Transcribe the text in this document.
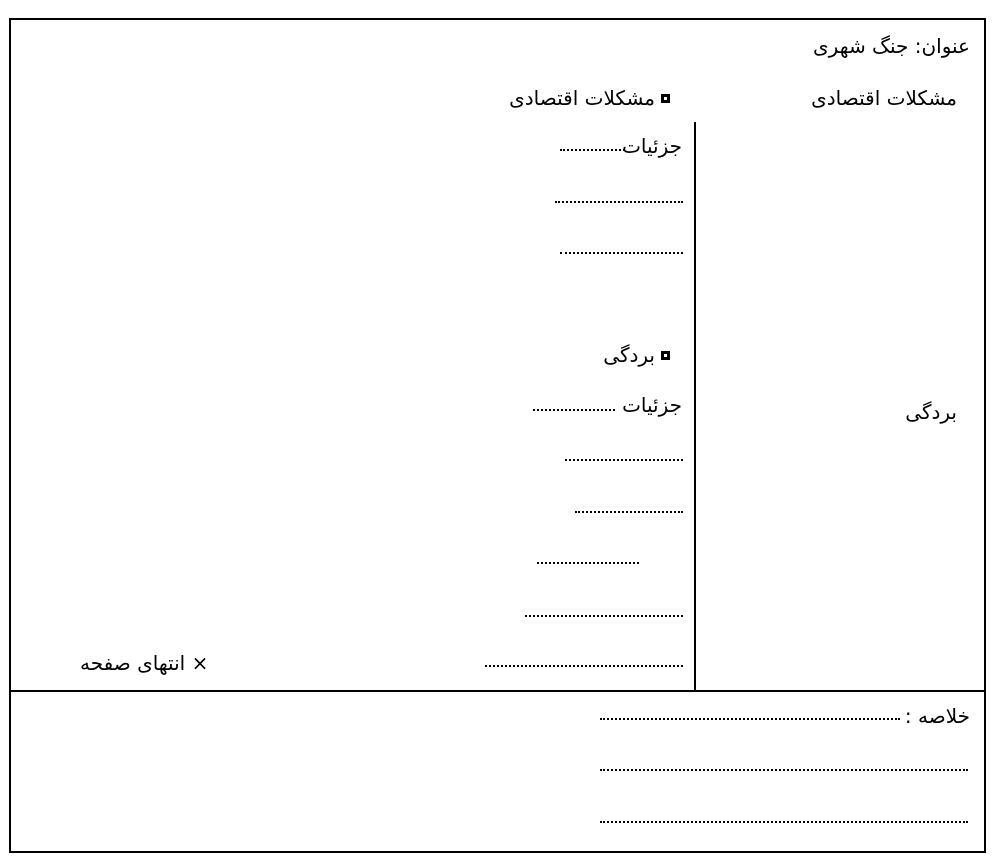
عنوان: جنگ شهری
مشکلات اقتصادی
مشکلات اقتصادی
جزئیات
بردگی
بردگی
جزئیات
× انتهای صفحه
خلاصه :
